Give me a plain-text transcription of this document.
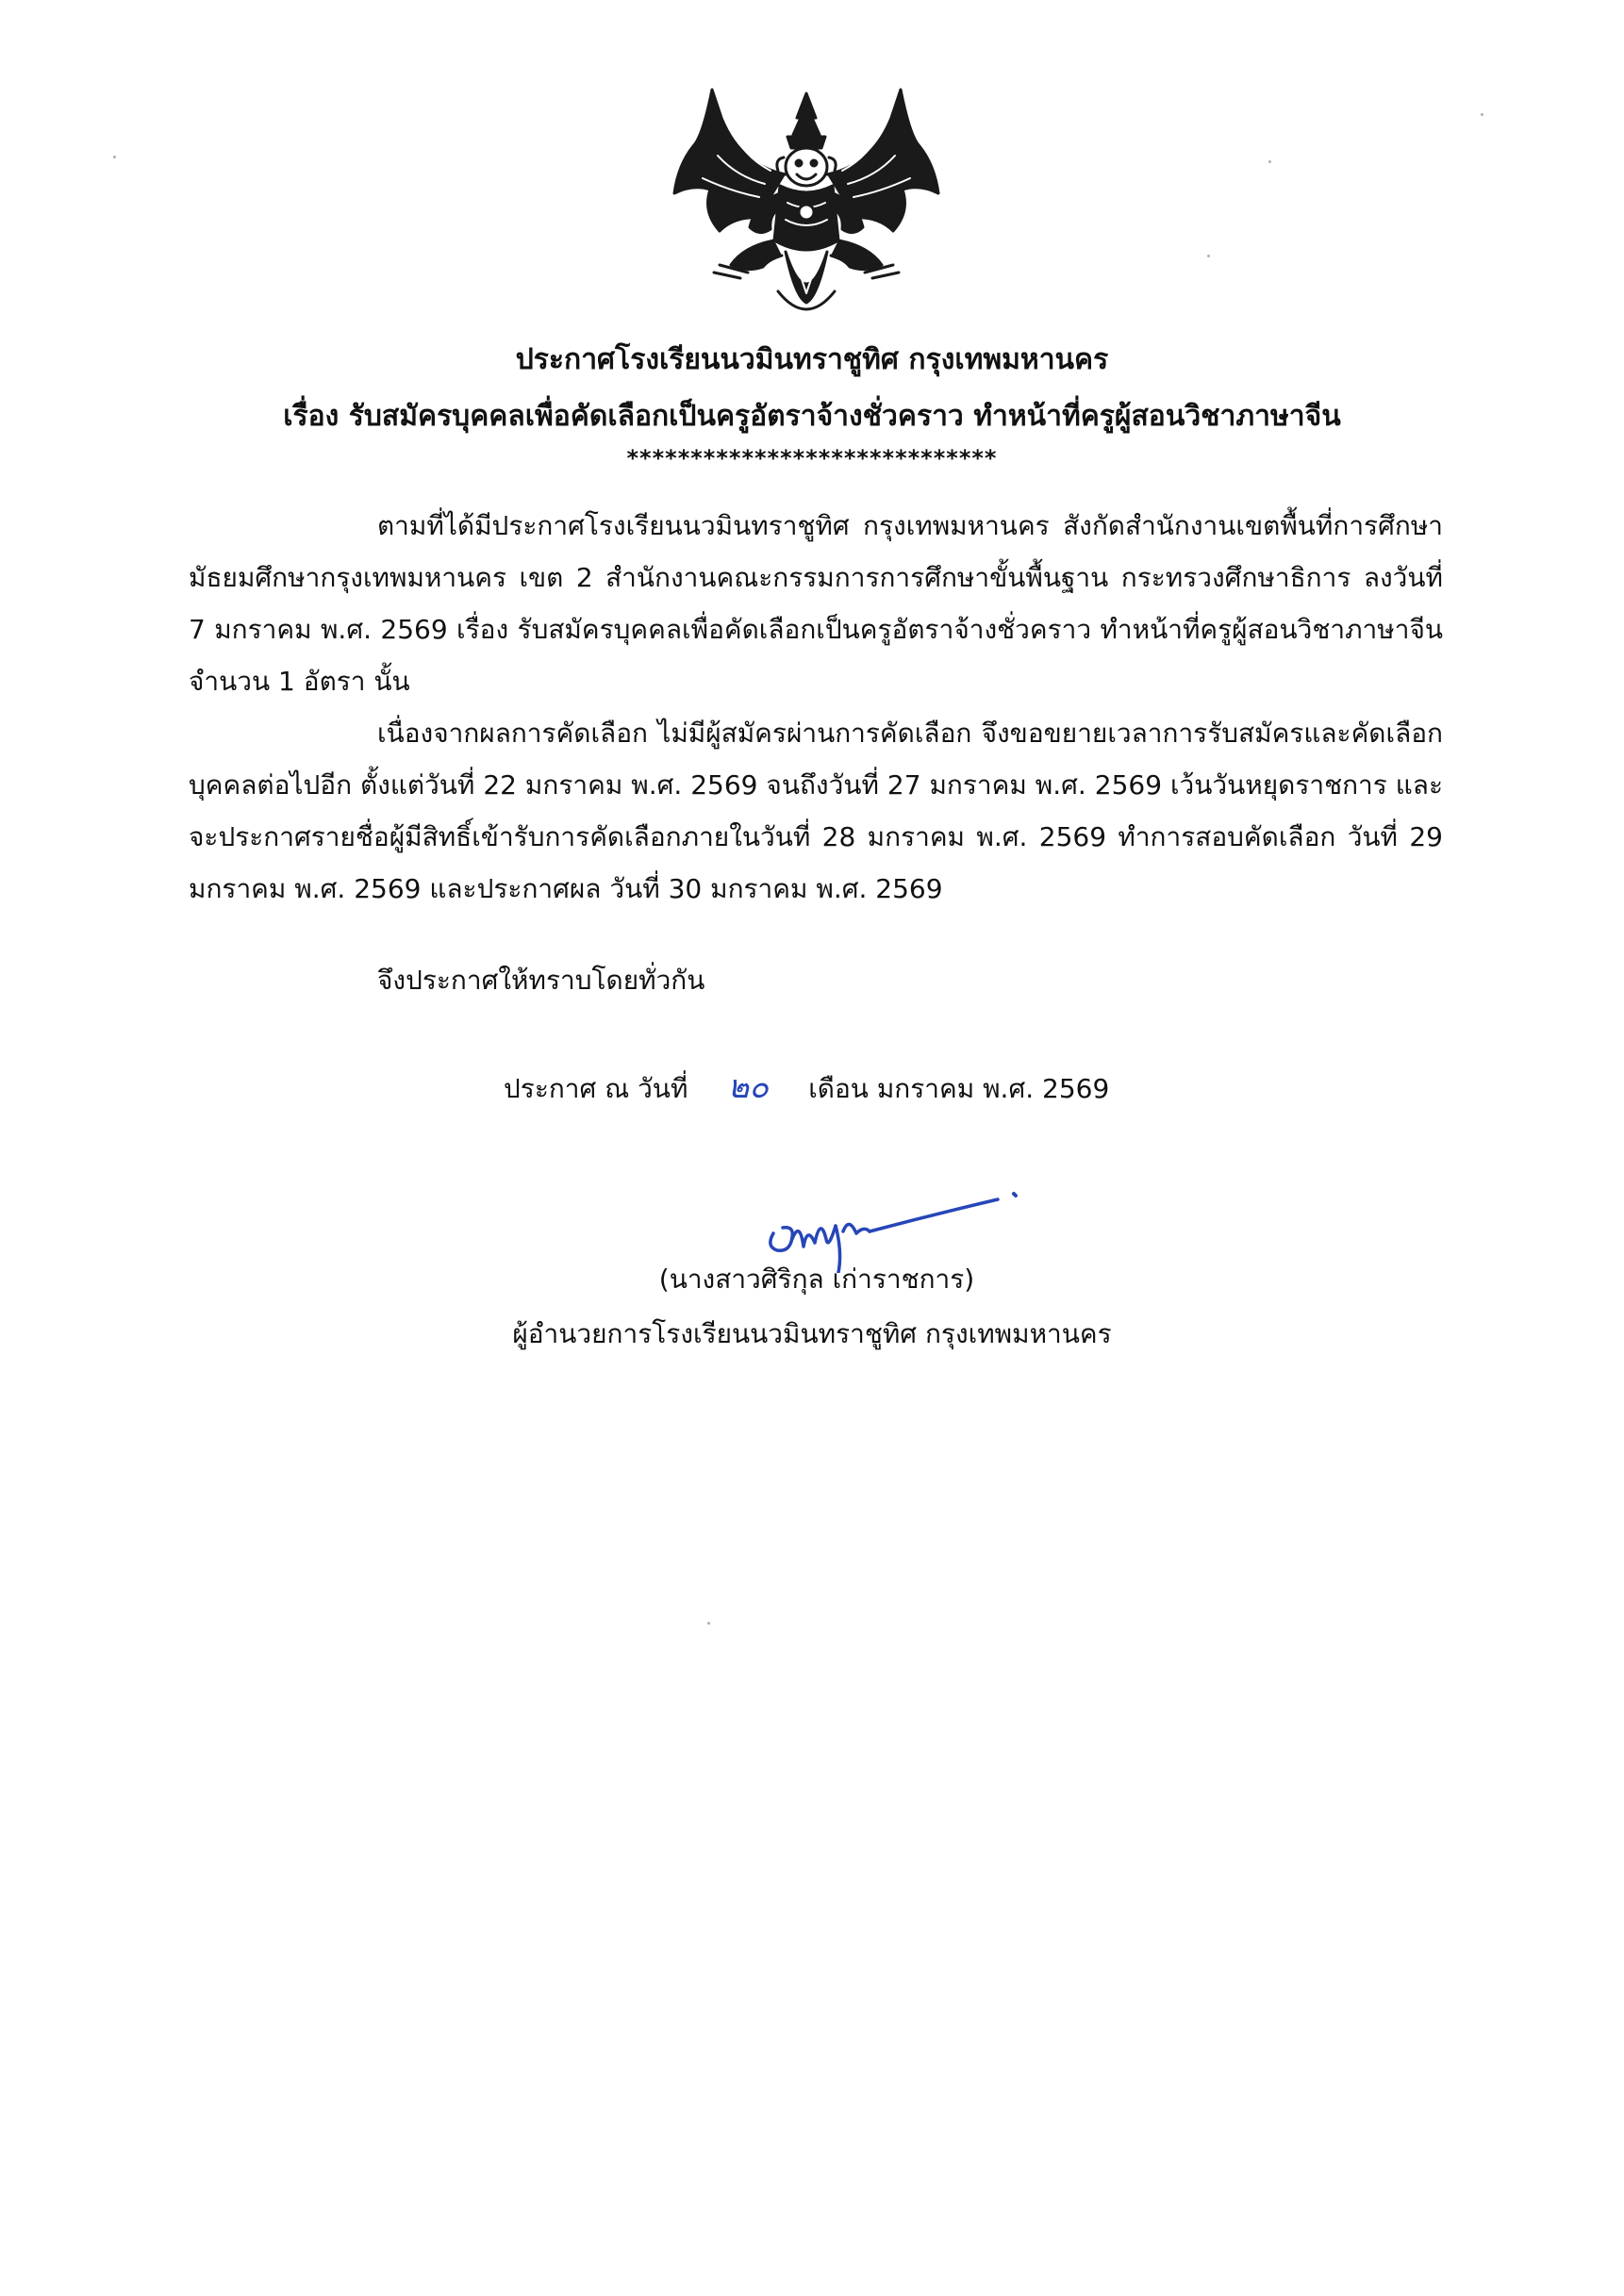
ประกาศโรงเรียนนวมินทราชูทิศ กรุงเทพมหานคร
เรื่อง รับสมัครบุคคลเพื่อคัดเลือกเป็นครูอัตราจ้างชั่วคราว ทำหน้าที่ครูผู้สอนวิชาภาษาจีน
*****************************

ตามที่ได้มีประกาศโรงเรียนนวมินทราชูทิศ กรุงเทพมหานคร สังกัดสำนักงานเขตพื้นที่การศึกษามัธยมศึกษากรุงเทพมหานคร เขต 2 สำนักงานคณะกรรมการการศึกษาขั้นพื้นฐาน กระทรวงศึกษาธิการ ลงวันที่ 7 มกราคม พ.ศ. 2569 เรื่อง รับสมัครบุคคลเพื่อคัดเลือกเป็นครูอัตราจ้างชั่วคราว ทำหน้าที่ครูผู้สอนวิชาภาษาจีน จำนวน 1 อัตรา นั้น

เนื่องจากผลการคัดเลือก ไม่มีผู้สมัครผ่านการคัดเลือก จึงขอขยายเวลาการรับสมัครและคัดเลือกบุคคลต่อไปอีก ตั้งแต่วันที่ 22 มกราคม พ.ศ. 2569 จนถึงวันที่ 27 มกราคม พ.ศ. 2569 เว้นวันหยุดราชการ และจะประกาศรายชื่อผู้มีสิทธิ์เข้ารับการคัดเลือกภายในวันที่ 28 มกราคม พ.ศ. 2569 ทำการสอบคัดเลือก วันที่ 29 มกราคม พ.ศ. 2569 และประกาศผล วันที่ 30 มกราคม พ.ศ. 2569

จึงประกาศให้ทราบโดยทั่วกัน
ประกาศ ณ วันที่ ๒๐ เดือน มกราคม พ.ศ. 2569
(นางสาวศิริกุล เก่าราชการ)
ผู้อำนวยการโรงเรียนนวมินทราชูทิศ กรุงเทพมหานคร
